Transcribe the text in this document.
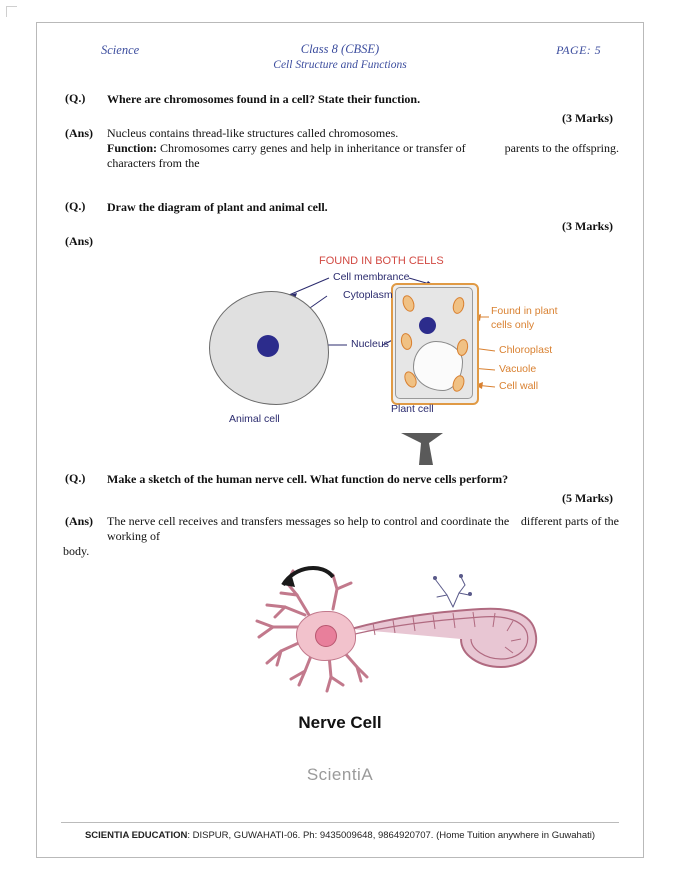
Science	Class 8 (CBSE)
Cell Structure and Functions
PAGE: 5
(Q.)	Where are chromosomes found in a cell? State their function.
(3 Marks)
(Ans)	Nucleus contains thread-like structures called chromosomes.
Function: Chromosomes carry genes and help in inheritance or transfer of characters from the
parents to the offspring.
(Q.)	Draw the diagram of plant and animal cell.
(3 Marks)
(Ans)
FOUND IN BOTH CELLS
Cell membrance
Cytoplasm
Nucleus
Found in plant
cells only
Chloroplast
Vacuole
Cell wall
Animal cell
Plant cell
(Q.)	Make a sketch of the human nerve cell. What function do nerve cells perform?
(5 Marks)
(Ans)	The nerve cell receives and transfers messages so help to control and coordinate the working of
different parts of the
body.
Nerve Cell
ScientiA
SCIENTIA EDUCATION: DISPUR, GUWAHATI-06. Ph: 9435009648, 9864920707. (Home Tuition anywhere in Guwahati)
